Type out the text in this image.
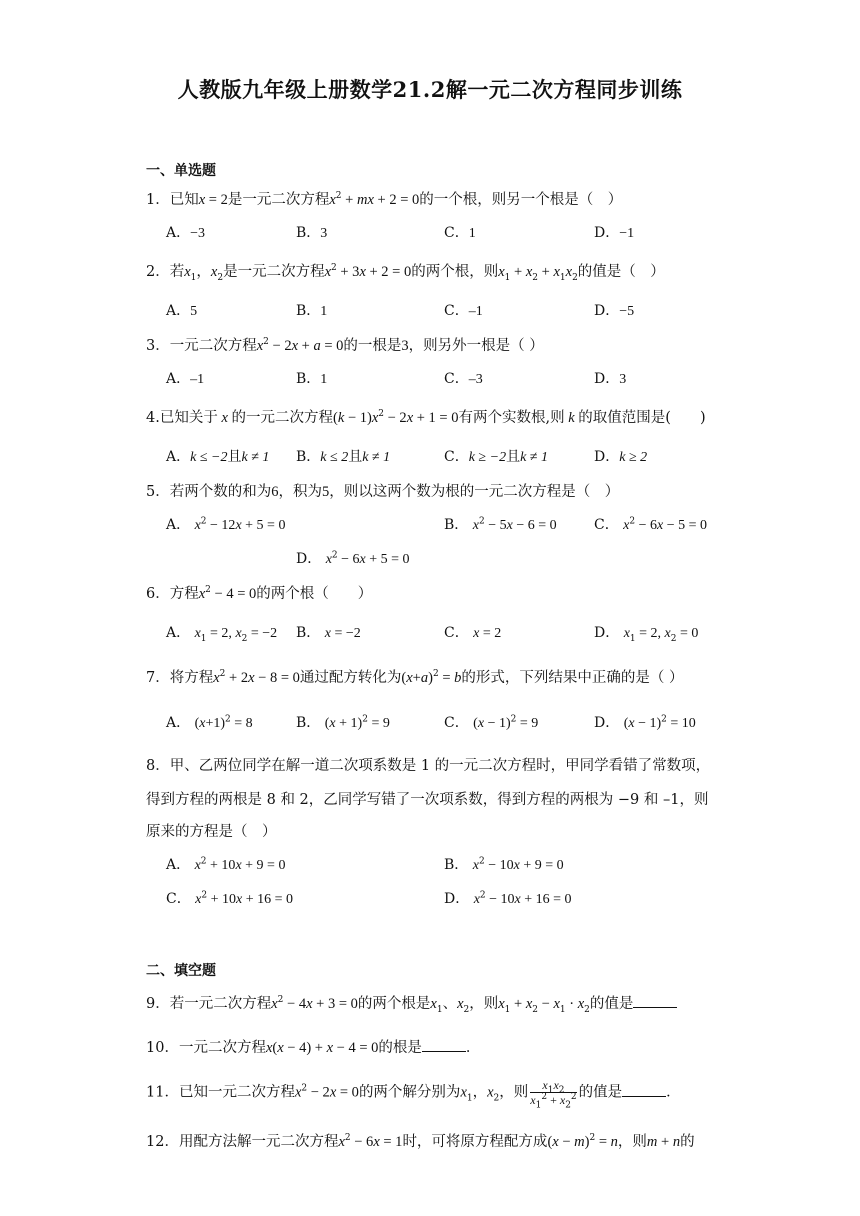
人教版九年级上册数学21.2解一元二次方程同步训练
一、单选题
1．已知x = 2是一元二次方程$x^2$ + mx + 2 = 0的一个根，则另一个根是（　）
A．−3	B．3	C．1	D．−1
2．若$x_1$，$x_2$是一元二次方程$x^2 + 3x + 2 = 0$的两个根，则$x_1 + x_2 + x_1x_2$的值是（　）
A．5	B．1	C．–1	D．−5
3．一元二次方程$x^2 - 2x + a = 0$的一根是3，则另外一根是（ ）
A．–1	B．1	C．–3	D．3
4.已知关于 x 的一元二次方程$(k - 1)x^2 - 2x + 1 = 0$有两个实数根,则 k 的取值范围是(　　)
A．k ≤ −2且k ≠ 1 B．k ≤ 2且k ≠ 1	C．k ≥ −2且k ≠ 1	D．k ≥ 2
5．若两个数的和为6，积为5，则以这两个数为根的一元二次方程是（　）
A． $x^2 - 12x + 5 = 0$	B． $x^2 - 5x - 6 = 0$	C． $x^2 - 6x - 5 = 0$
D． $x^2 - 6x + 5 = 0$
6．方程$x^2 - 4 = 0$的两个根（　　）
A． $x_1 = 2$, $x_2 = -2$ B． x = −2	C． x = 2	D． $x_1 = 2$, $x_2 = 0$
7．将方程$x^2 + 2x - 8 = 0$通过配方转化为$(x+a)^2 = b$的形式，下列结果中正确的是（ ）
A． $(x+1)^2 = 8$	B． $(x + 1)^2 = 9$	C． $(x - 1)^2 = 9$	D． $(x - 1)^2 = 10$
8．甲、乙两位同学在解一道二次项系数是 1 的一元二次方程时，甲同学看错了常数项，
得到方程的两根是 8 和 2，乙同学写错了一次项系数，得到方程的两根为 −9 和 –1，则
原来的方程是（　）
A． $x^2 + 10x + 9 = 0$	B． $x^2 - 10x + 9 = 0$
C． $x^2 + 10x + 16 = 0$	D． $x^2 - 10x + 16 = 0$
二、填空题
9．若一元二次方程$x^2 - 4x + 3 = 0$的两个根是$x_1$、$x_2$，则$x_1 + x_2 - x_1 \cdot x_2$的值是
10．一元二次方程x(x − 4) + x − 4 = 0的根是	．
11．已知一元二次方程$x^2 - 2x = 0$的两个解分别为$x_1$，$x_2$，则 $\frac{x_1x_2}{x_1^2 + x_2^2}$ 的值是	．
12．用配方法解一元二次方程$x^2 - 6x = 1$时，可将原方程配方成$(x - m)^2 = n$，则m + n的
